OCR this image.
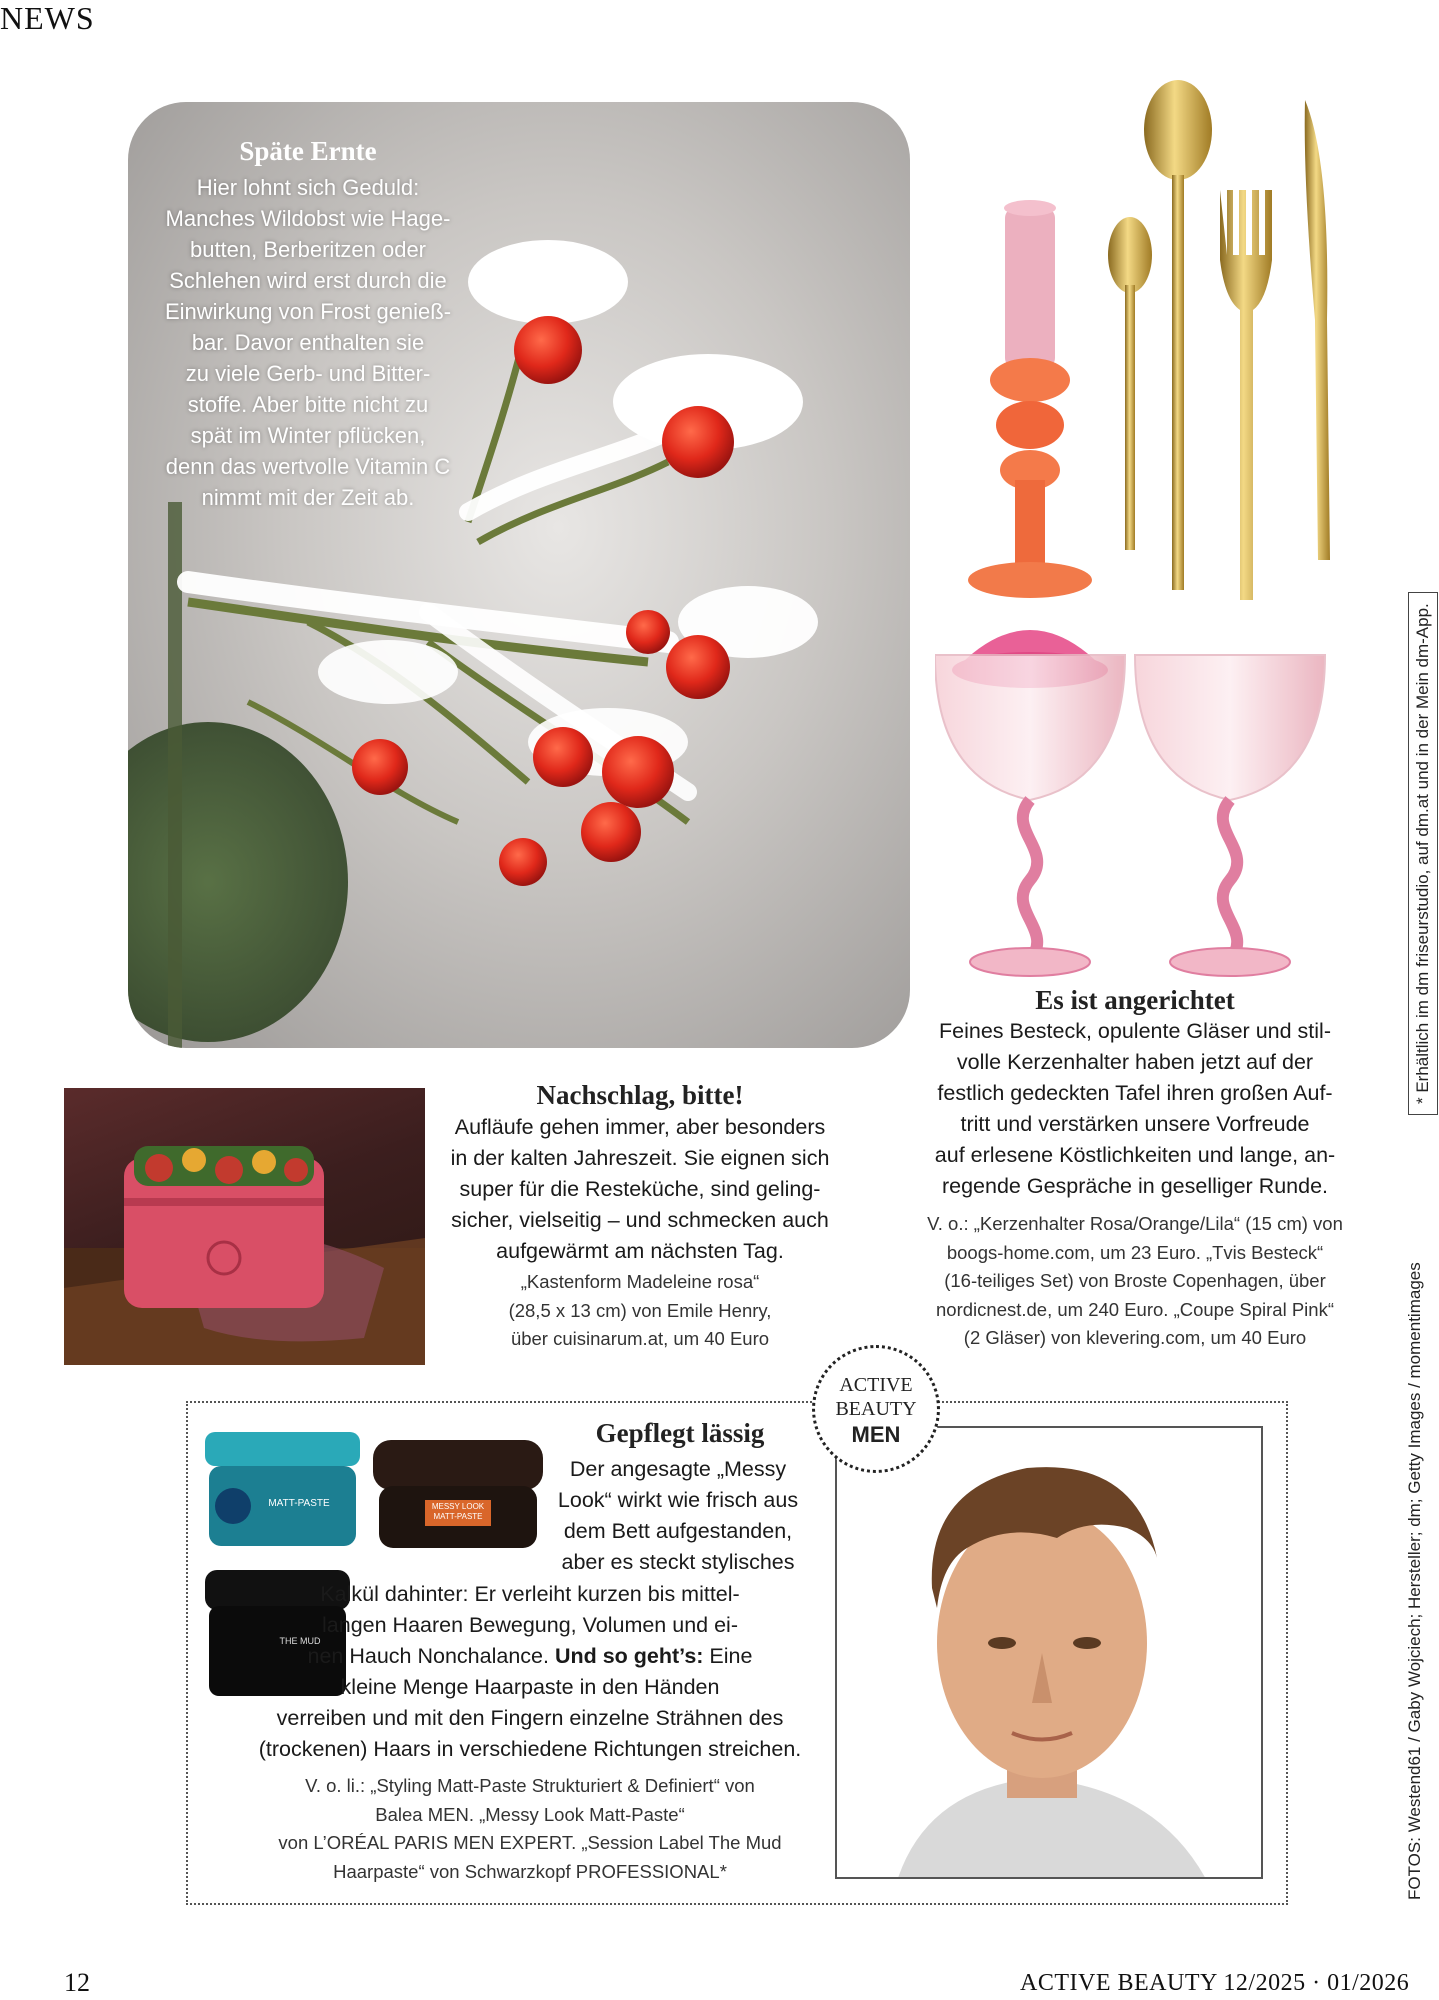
NEWS
Späte Ernte
Hier lohnt sich Geduld:
Manches Wildobst wie Hage-
butten, Berberitzen oder
Schlehen wird erst durch die
Einwirkung von Frost genieß-
bar. Davor enthalten sie
zu viele Gerb- und Bitter-
stoffe. Aber bitte nicht zu
spät im Winter pflücken,
denn das wertvolle Vitamin C
nimmt mit der Zeit ab.
Es ist angerichtet
Feines Besteck, opulente Gläser und stil-
volle Kerzenhalter haben jetzt auf der
festlich gedeckten Tafel ihren großen Auf-
tritt und verstärken unsere Vorfreude
auf erlesene Köstlichkeiten und lange, an-
regende Gespräche in geselliger Runde.
V. o.: „Kerzenhalter Rosa/Orange/Lila“ (15 cm) von
boogs-home.com, um 23 Euro. „Tvis Besteck“
(16-teiliges Set) von Broste Copenhagen, über
nordicnest.de, um 240 Euro. „Coupe Spiral Pink“
(2 Gläser) von klevering.com, um 40 Euro
Nachschlag, bitte!
Aufläufe gehen immer, aber besonders
in der kalten Jahreszeit. Sie eignen sich
super für die Resteküche, sind geling-
sicher, vielseitig – und schmecken auch
aufgewärmt am nächsten Tag.
„Kastenform Madeleine rosa“
(28,5 x 13 cm) von Emile Henry,
über cuisinarum.at, um 40 Euro
MATT-PASTE	MESSY LOOK MATT-PASTE
THE MUD
Gepflegt lässig
Der angesagte „Messy
Look“ wirkt wie frisch aus
dem Bett aufgestanden,
aber es steckt stylisches
Kalkül dahinter: Er verleiht kurzen bis mittel-
langen Haaren Bewegung, Volumen und ei-
nen Hauch Nonchalance. Und so geht’s: Eine
kleine Menge Haarpaste in den Händen
verreiben und mit den Fingern einzelne Strähnen des
(trockenen) Haars in verschiedene Richtungen streichen.
V. o. li.: „Styling Matt-Paste Strukturiert & Definiert“ von
Balea MEN. „Messy Look Matt-Paste“
von L’ORÉAL PARIS MEN EXPERT. „Session Label The Mud
Haarpaste“ von Schwarzkopf PROFESSIONAL*
ACTIVE
BEAUTY
MEN	FOTOS: Westend61 / Gaby Wojciech; Hersteller; dm; Getty Images / momentimages
* Erhältlich im dm friseurstudio, auf dm.at und in der Mein dm-App.
12	ACTIVE BEAUTY 12/2025 · 01/2026
